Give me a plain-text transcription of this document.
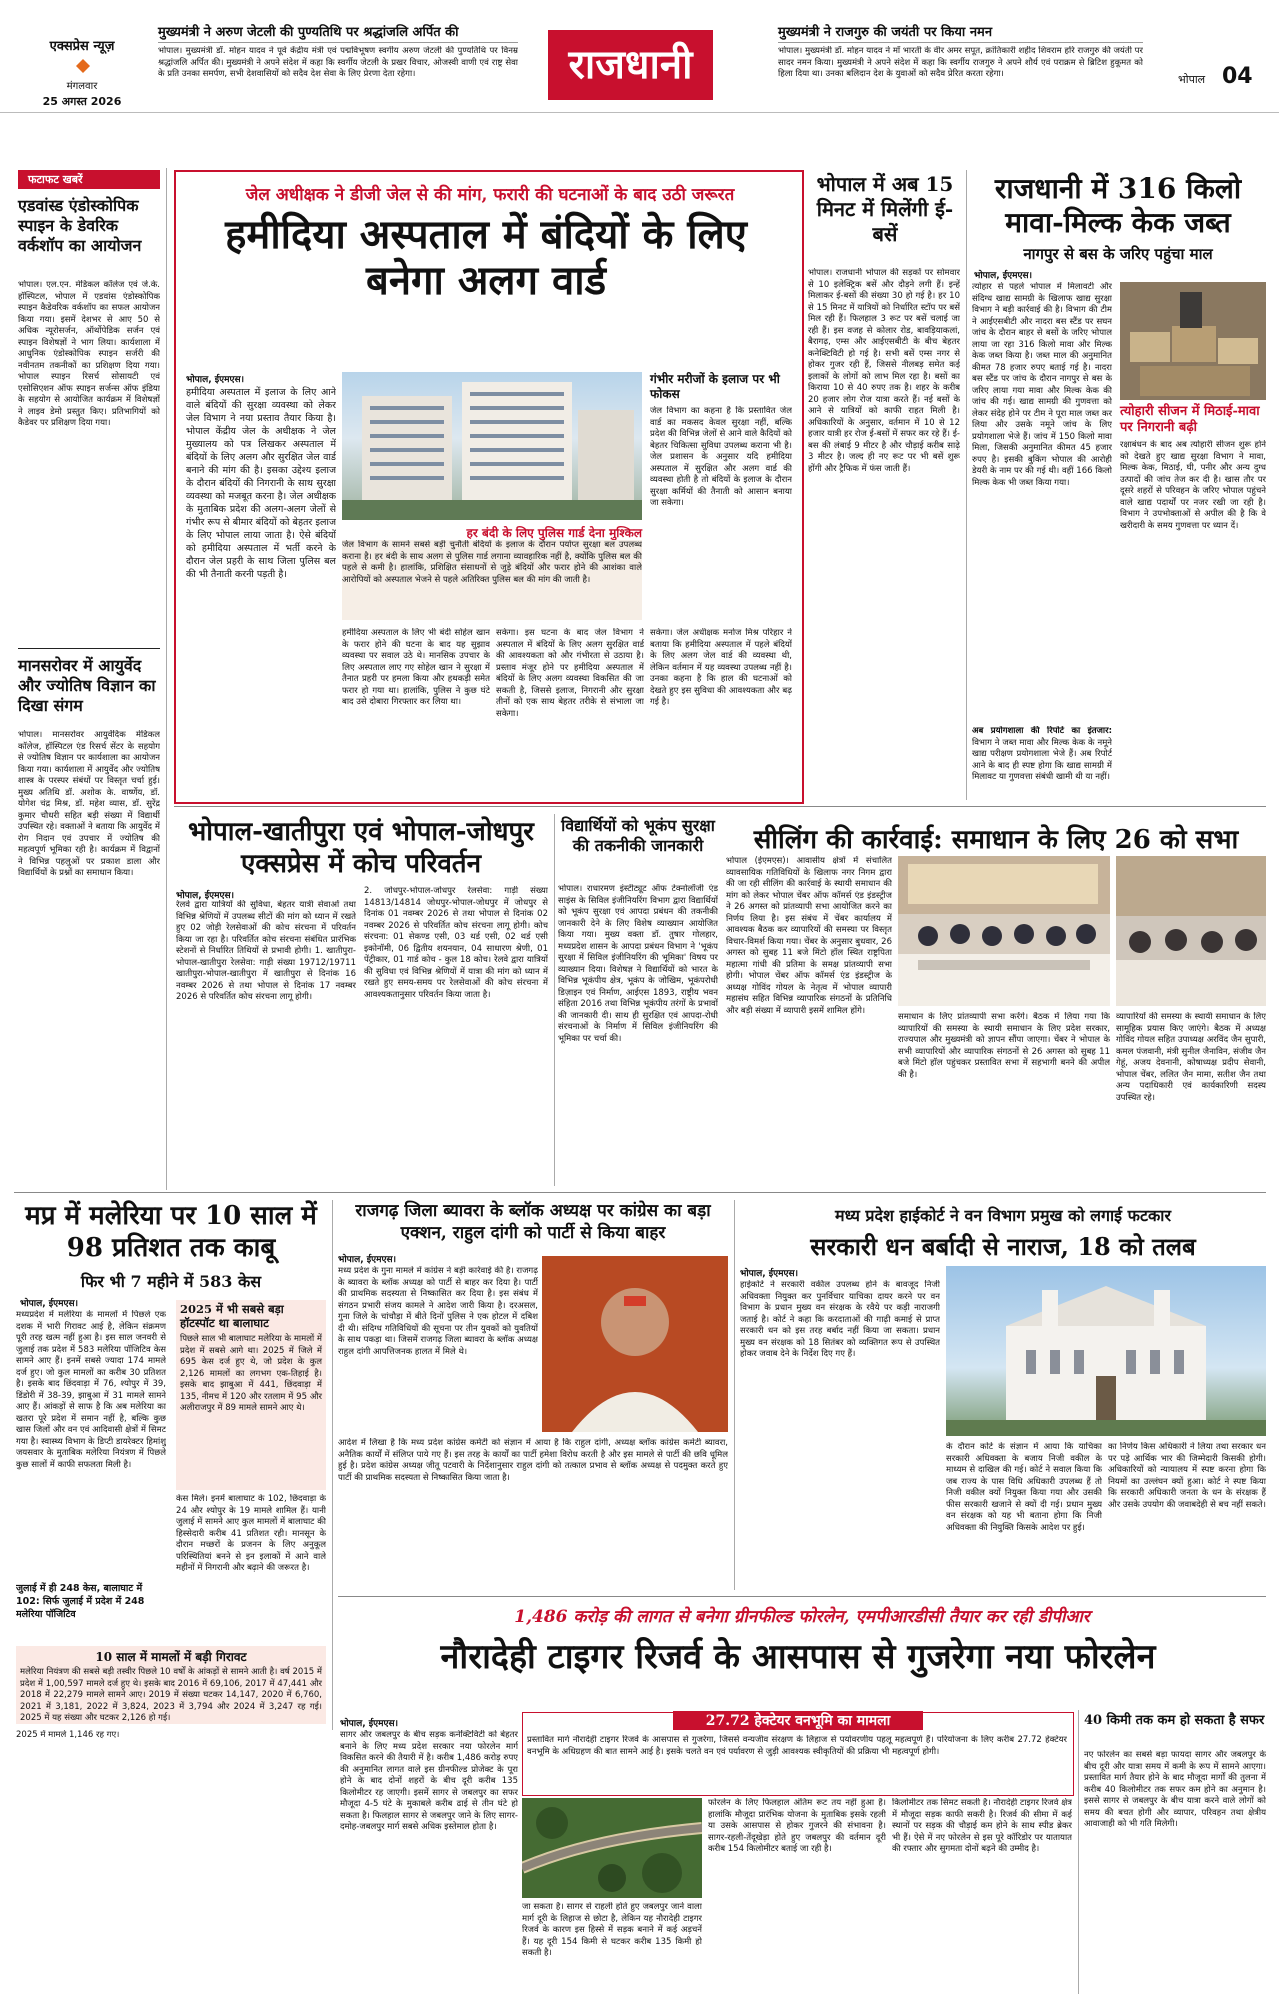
एक्सप्रेस न्यूज़
मंगलवार
25 अगस्त 2026
मुख्यमंत्री ने अरुण जेटली की पुण्यतिथि पर श्रद्धांजलि अर्पित की
भोपाल। मुख्यमंत्री डॉ. मोहन यादव ने पूर्व केंद्रीय मंत्री एवं पद्मविभूषण स्वर्गीय अरुण जेटली की पुण्यतिथि पर विनम्र श्रद्धांजलि अर्पित की। मुख्यमंत्री ने अपने संदेश में कहा कि स्वर्गीय जेटली के प्रखर विचार, ओजस्वी वाणी एवं राष्ट्र सेवा के प्रति उनका समर्पण, सभी देशवासियों को सदैव देश सेवा के लिए प्रेरणा देता रहेगा।	राजधानी
मुख्यमंत्री ने राजगुरु की जयंती पर किया नमन
भोपाल। मुख्यमंत्री डॉ. मोहन यादव ने माँ भारती के वीर अमर सपूत, क्रांतिकारी शहीद शिवराम हरि राजगुरु की जयंती पर सादर नमन किया। मुख्यमंत्री ने अपने संदेश में कहा कि स्वर्गीय राजगुरु ने अपने शौर्य एवं पराक्रम से ब्रिटिश हुकूमत को हिला दिया था। उनका बलिदान देश के युवाओं को सदैव प्रेरित करता रहेगा।	भोपाल 04
फटाफट खबरें
एडवांस्ड एंडोस्कोपिक स्पाइन के डेवरिक वर्कशॉप का आयोजन
भोपाल। एल.एन. मेडिकल कॉलेज एवं जे.के. हॉस्पिटल, भोपाल में एडवांस एंडोस्कोपिक स्पाइन कैडेवरिक वर्कशॉप का सफल आयोजन किया गया। इसमें देशभर से आए 50 से अधिक न्यूरोसर्जन, ऑर्थोपेडिक सर्जन एवं स्पाइन विशेषज्ञों ने भाग लिया। कार्यशाला में आधुनिक एंडोस्कोपिक स्पाइन सर्जरी की नवीनतम तकनीकों का प्रशिक्षण दिया गया। भोपाल स्पाइन रिसर्च सोसायटी एवं एसोसिएशन ऑफ स्पाइन सर्जन्स ऑफ इंडिया के सहयोग से आयोजित कार्यक्रम में विशेषज्ञों ने लाइव डेमो प्रस्तुत किए। प्रतिभागियों को कैडेवर पर प्रशिक्षण दिया गया।
मानसरोवर में आयुर्वेद और ज्योतिष विज्ञान का दिखा संगम
भोपाल। मानसरोवर आयुर्वेदिक मेडिकल कॉलेज, हॉस्पिटल एंड रिसर्च सेंटर के सहयोग से ज्योतिष विज्ञान पर कार्यशाला का आयोजन किया गया। कार्यशाला में आयुर्वेद और ज्योतिष शास्त्र के परस्पर संबंधों पर विस्तृत चर्चा हुई। मुख्य अतिथि डॉ. अशोक के. वार्ष्णेय, डॉ. योगेश चंद्र मिश्र, डॉ. महेश व्यास, डॉ. सुरेंद्र कुमार चौधरी सहित बड़ी संख्या में विद्यार्थी उपस्थित रहे। वक्ताओं ने बताया कि आयुर्वेद में रोग निदान एवं उपचार में ज्योतिष की महत्वपूर्ण भूमिका रही है। कार्यक्रम में विद्वानों ने विभिन्न पहलुओं पर प्रकाश डाला और विद्यार्थियों के प्रश्नों का समाधान किया।
जेल अधीक्षक ने डीजी जेल से की मांग, फरारी की घटनाओं के बाद उठी जरूरत
हमीदिया अस्पताल में बंदियों के लिए बनेगा अलग वार्ड
भोपाल, ईएमएस।
हमीदिया अस्पताल में इलाज के लिए आने वाले बंदियों की सुरक्षा व्यवस्था को लेकर जेल विभाग ने नया प्रस्ताव तैयार किया है। भोपाल केंद्रीय जेल के अधीक्षक ने जेल मुख्यालय को पत्र लिखकर अस्पताल में बंदियों के लिए अलग और सुरक्षित जेल वार्ड बनाने की मांग की है। इसका उद्देश्य इलाज के दौरान बंदियों की निगरानी के साथ सुरक्षा व्यवस्था को मजबूत करना है। जेल अधीक्षक के मुताबिक प्रदेश की अलग-अलग जेलों से गंभीर रूप से बीमार बंदियों को बेहतर इलाज के लिए भोपाल लाया जाता है। ऐसे बंदियों को हमीदिया अस्पताल में भर्ती करने के दौरान जेल प्रहरी के साथ जिला पुलिस बल की भी तैनाती करनी पड़ती है।
हर बंदी के लिए पुलिस गार्ड देना मुश्किल
जेल विभाग के सामने सबसे बड़ी चुनौती बंदियों के इलाज के दौरान पर्याप्त सुरक्षा बल उपलब्ध कराना है। हर बंदी के साथ अलग से पुलिस गार्ड लगाना व्यावहारिक नहीं है, क्योंकि पुलिस बल की पहले से कमी है। हालांकि, प्रशिक्षित संसाधनों से जुड़े बंदियों और फरार होने की आशंका वाले आरोपियों को अस्पताल भेजने से पहले अतिरिक्त पुलिस बल की मांग की जाती है।
गंभीर मरीजों के इलाज पर भी फोकस
जेल विभाग का कहना है कि प्रस्तावित जेल वार्ड का मकसद केवल सुरक्षा नहीं, बल्कि प्रदेश की विभिन्न जेलों से आने वाले कैदियों को बेहतर चिकित्सा सुविधा उपलब्ध कराना भी है। जेल प्रशासन के अनुसार यदि हमीदिया अस्पताल में सुरक्षित और अलग वार्ड की व्यवस्था होती है तो बंदियों के इलाज के दौरान सुरक्षा कर्मियों की तैनाती को आसान बनाया जा सकेगा।
हमीदिया अस्पताल के लिए भी बंदी सोहेल खान के फरार होने की घटना के बाद यह सुझाव व्यवस्था पर सवाल उठे थे। मानसिक उपचार के लिए अस्पताल लाए गए सोहेल खान ने सुरक्षा में तैनात प्रहरी पर हमला किया और हथकड़ी समेत फरार हो गया था। हालांकि, पुलिस ने कुछ घंटे बाद उसे दोबारा गिरफ्तार कर लिया था।
सकेगा। इस घटना के बाद जेल विभाग ने अस्पताल में बंदियों के लिए अलग सुरक्षित वार्ड की आवश्यकता को और गंभीरता से उठाया है। प्रस्ताव मंजूर होने पर हमीदिया अस्पताल में बंदियों के लिए अलग व्यवस्था विकसित की जा सकती है, जिससे इलाज, निगरानी और सुरक्षा तीनों को एक साथ बेहतर तरीके से संभाला जा सकेगा।
सकेगा। जेल अधीक्षक मनोज मिश्र परिहार ने बताया कि हमीदिया अस्पताल में पहले बंदियों के लिए अलग जेल वार्ड की व्यवस्था थी, लेकिन वर्तमान में यह व्यवस्था उपलब्ध नहीं है। उनका कहना है कि हाल की घटनाओं को देखते हुए इस सुविधा की आवश्यकता और बढ़ गई है।
भोपाल में अब 15 मिनट में मिलेंगी ई-बसें
भोपाल। राजधानी भोपाल की सड़कों पर सोमवार से 10 इलेक्ट्रिक बसें और दौड़ने लगी हैं। इन्हें मिलाकर ई-बसों की संख्या 30 हो गई है। हर 10 से 15 मिनट में यात्रियों को निर्धारित स्टॉप पर बसें मिल रही हैं। फिलहाल 3 रूट पर बसें चलाई जा रही हैं। इस वजह से कोलार रोड, बावड़ियाकलां, बैरागढ़, एम्स और आईएसबीटी के बीच बेहतर कनेक्टिविटी हो गई है। सभी बसें एम्स नगर से होकर गुजर रही हैं, जिससे नीलबड़ समेत कई इलाकों के लोगों को लाभ मिल रहा है। बसों का किराया 10 से 40 रुपए तक है। शहर के करीब 20 हजार लोग रोज यात्रा करते हैं। नई बसों के आने से यात्रियों को काफी राहत मिली है। अधिकारियों के अनुसार, वर्तमान में 10 से 12 हजार यात्री हर रोज ई-बसों में सफर कर रहे हैं। ई-बस की लंबाई 9 मीटर है और चौड़ाई करीब साढ़े 3 मीटर है। जल्द ही नए रूट पर भी बसें शुरू होंगी और ट्रैफिक में फंस जाती हैं।
राजधानी में 316 किलो मावा-मिल्क केक जब्त
नागपुर से बस के जरिए पहुंचा माल
भोपाल, ईएमएस।
त्योहार से पहले भोपाल में मिलावटी और संदिग्ध खाद्य सामग्री के खिलाफ खाद्य सुरक्षा विभाग ने बड़ी कार्रवाई की है। विभाग की टीम ने आईएसबीटी और नादरा बस स्टैंड पर सघन जांच के दौरान बाहर से बसों के जरिए भोपाल लाया जा रहा 316 किलो मावा और मिल्क केक जब्त किया है। जब्त माल की अनुमानित कीमत 78 हजार रुपए बताई गई है। नादरा बस स्टैंड पर जांच के दौरान नागपुर से बस के जरिए लाया गया मावा और मिल्क केक की जांच की गई। खाद्य सामग्री की गुणवत्ता को लेकर संदेह होने पर टीम ने पूरा माल जब्त कर लिया और उसके नमूने जांच के लिए प्रयोगशाला भेजे हैं। जांच में 150 किलो मावा मिला, जिसकी अनुमानित कीमत 45 हजार रुपए है। इसकी बुकिंग भोपाल की आरोही डेयरी के नाम पर की गई थी। वहीं 166 किलो मिल्क केक भी जब्त किया गया।
अब प्रयोगशाला की रिपोर्ट का इंतजार: विभाग ने जब्त मावा और मिल्क केक के नमूने खाद्य परीक्षण प्रयोगशाला भेजे हैं। अब रिपोर्ट आने के बाद ही स्पष्ट होगा कि खाद्य सामग्री में मिलावट या गुणवत्ता संबंधी खामी थी या नहीं।
त्योहारी सीजन में मिठाई-मावा पर निगरानी बढ़ी
रक्षाबंधन के बाद अब त्योहारी सीजन शुरू होने को देखते हुए खाद्य सुरक्षा विभाग ने मावा, मिल्क केक, मिठाई, घी, पनीर और अन्य दुग्ध उत्पादों की जांच तेज कर दी है। खास तौर पर दूसरे शहरों से परिवहन के जरिए भोपाल पहुंचने वाले खाद्य पदार्थों पर नजर रखी जा रही है। विभाग ने उपभोक्ताओं से अपील की है कि वे खरीदारी के समय गुणवत्ता पर ध्यान दें।
भोपाल-खातीपुरा एवं भोपाल-जोधपुर एक्सप्रेस में कोच परिवर्तन
भोपाल, ईएमएस।
रेलवे द्वारा यात्रियों की सुविधा, बेहतर यात्री सेवाओं तथा विभिन्न श्रेणियों में उपलब्ध सीटों की मांग को ध्यान में रखते हुए 02 जोड़ी रेलसेवाओं की कोच संरचना में परिवर्तन किया जा रहा है। परिवर्तित कोच संरचना संबंधित प्रारंभिक स्टेशनों से निर्धारित तिथियों से प्रभावी होगी। 1. खातीपुरा-भोपाल-खातीपुरा रेलसेवा: गाड़ी संख्या 19712/19711 खातीपुरा-भोपाल-खातीपुरा में खातीपुरा से दिनांक 16 नवम्बर 2026 से तथा भोपाल से दिनांक 17 नवम्बर 2026 से परिवर्तित कोच संरचना लागू होगी।
2. जोधपुर-भोपाल-जोधपुर रेलसेवा: गाड़ी संख्या 14813/14814 जोधपुर-भोपाल-जोधपुर में जोधपुर से दिनांक 01 नवम्बर 2026 से तथा भोपाल से दिनांक 02 नवम्बर 2026 से परिवर्तित कोच संरचना लागू होगी। कोच संरचना: 01 सेकण्ड एसी, 03 थर्ड एसी, 02 थर्ड एसी इकोनॉमी, 06 द्वितीय शयनयान, 04 साधारण श्रेणी, 01 पेंट्रीकार, 01 गार्ड कोच - कुल 18 कोच। रेलवे द्वारा यात्रियों की सुविधा एवं विभिन्न श्रेणियों में यात्रा की मांग को ध्यान में रखते हुए समय-समय पर रेलसेवाओं की कोच संरचना में आवश्यकतानुसार परिवर्तन किया जाता है।
विद्यार्थियों को भूकंप सुरक्षा की तकनीकी जानकारी
भोपाल। राधारमण इंस्टीट्यूट ऑफ टेक्नोलॉजी एंड साइंस के सिविल इंजीनियरिंग विभाग द्वारा विद्यार्थियों को भूकंप सुरक्षा एवं आपदा प्रबंधन की तकनीकी जानकारी देने के लिए विशेष व्याख्यान आयोजित किया गया। मुख्य वक्ता डॉ. तुषार गोलहार, मध्यप्रदेश शासन के आपदा प्रबंधन विभाग ने 'भूकंप सुरक्षा में सिविल इंजीनियरिंग की भूमिका' विषय पर व्याख्यान दिया। विशेषज्ञ ने विद्यार्थियों को भारत के विभिन्न भूकंपीय क्षेत्र, भूकंप के जोखिम, भूकंपरोधी डिज़ाइन एवं निर्माण, आईएस 1893, राष्ट्रीय भवन संहिता 2016 तथा विभिन्न भूकंपीय तरंगों के प्रभावों की जानकारी दी। साथ ही सुरक्षित एवं आपदा-रोधी संरचनाओं के निर्माण में सिविल इंजीनियरिंग की भूमिका पर चर्चा की।
सीलिंग की कार्रवाई: समाधान के लिए 26 को सभा
भोपाल (ईएमएस)। आवासीय क्षेत्रों में संचालित व्यावसायिक गतिविधियों के खिलाफ नगर निगम द्वारा की जा रही सीलिंग की कार्रवाई के स्थायी समाधान की मांग को लेकर भोपाल चेंबर ऑफ कॉमर्स एंड इंडस्ट्रीज ने 26 अगस्त को प्रांतव्यापी सभा आयोजित करने का निर्णय लिया है। इस संबंध में चेंबर कार्यालय में आवश्यक बैठक कर व्यापारियों की समस्या पर विस्तृत विचार-विमर्श किया गया। चेंबर के अनुसार बुधवार, 26 अगस्त को सुबह 11 बजे मिंटो हॉल स्थित राष्ट्रपिता महात्मा गांधी की प्रतिमा के समक्ष प्रांतव्यापी सभा होगी। भोपाल चेंबर ऑफ कॉमर्स एंड इंडस्ट्रीज के अध्यक्ष गोविंद गोयल के नेतृत्व में भोपाल व्यापारी महासंघ सहित विभिन्न व्यापारिक संगठनों के प्रतिनिधि और बड़ी संख्या में व्यापारी इसमें शामिल होंगे।
समाधान के लिए प्रांतव्यापी सभा करेंगे। बैठक में लिया गया कि व्यापारियों की समस्या के स्थायी समाधान के लिए प्रदेश सरकार, राज्यपाल और मुख्यमंत्री को ज्ञापन सौंपा जाएगा। चेंबर ने भोपाल के सभी व्यापारियों और व्यापारिक संगठनों से 26 अगस्त को सुबह 11 बजे मिंटो हॉल पहुंचकर प्रस्तावित सभा में सहभागी बनने की अपील की है।
व्यापारियों की समस्या के स्थायी समाधान के लिए सामूहिक प्रयास किए जाएंगे। बैठक में अध्यक्ष गोविंद गोयल सहित उपाध्यक्ष अरविंद जैन सुपारी, कमल पंजवानी, मंत्री सुनील जैनाविन, संजीव जैन गेहूं, अजय देवनानी, कोषाध्यक्ष प्रदीप सेवानी, भोपाल चेंबर, ललित जैन मामा, सतीश जैन तथा अन्य पदाधिकारी एवं कार्यकारिणी सदस्य उपस्थित रहे।
मप्र में मलेरिया पर 10 साल में 98 प्रतिशत तक काबू
फिर भी 7 महीने में 583 केस
भोपाल, ईएमएस।
मध्यप्रदेश में मलेरिया के मामलों में पिछले एक दशक में भारी गिरावट आई है, लेकिन संक्रमण पूरी तरह खत्म नहीं हुआ है। इस साल जनवरी से जुलाई तक प्रदेश में 583 मलेरिया पॉजिटिव केस सामने आए हैं। इनमें सबसे ज्यादा 174 मामले दर्ज हुए। जो कुल मामलों का करीब 30 प्रतिशत है। इसके बाद छिंदवाड़ा में 76, श्योपुर में 39, डिंडोरी में 38-39, झाबुआ में 31 मामले सामने आए हैं। आंकड़ों से साफ है कि अब मलेरिया का खतरा पूरे प्रदेश में समान नहीं है, बल्कि कुछ खास जिलों और वन एवं आदिवासी क्षेत्रों में सिमट गया है। स्वास्थ्य विभाग के डिप्टी डायरेक्टर हिमांशु जयसवार के मुताबिक मलेरिया नियंत्रण में पिछले कुछ सालों में काफी सफलता मिली है।
जुलाई में ही 248 केस, बालाघाट में 102: सिर्फ जुलाई में प्रदेश में 248 मलेरिया पॉजिटिव
2025 में भी सबसे बड़ा हॉटस्पॉट था बालाघाट
पिछले साल भी बालाघाट मलेरिया के मामलों में प्रदेश में सबसे आगे था। 2025 में जिले में 695 केस दर्ज हुए थे, जो प्रदेश के कुल 2,126 मामलों का लगभग एक-तिहाई है। इसके बाद झाबुआ में 441, छिंदवाड़ा में 135, नीमच में 120 और रतलाम में 95 और अलीराजपुर में 89 मामले सामने आए थे।
केस मिले। इनमें बालाघाट के 102, छिंदवाड़ा के 24 और श्योपुर के 19 मामले शामिल हैं। यानी जुलाई में सामने आए कुल मामलों में बालाघाट की हिस्सेदारी करीब 41 प्रतिशत रही। मानसून के दौरान मच्छरों के प्रजनन के लिए अनुकूल परिस्थितियां बनने से इन इलाकों में आने वाले महीनों में निगरानी और बढ़ाने की जरूरत है।
10 साल में मामलों में बड़ी गिरावट
मलेरिया नियंत्रण की सबसे बड़ी तस्वीर पिछले 10 वर्षों के आंकड़ों से सामने आती है। वर्ष 2015 में प्रदेश में 1,00,597 मामले दर्ज हुए थे। इसके बाद 2016 में 69,106, 2017 में 47,441 और 2018 में 22,279 मामले सामने आए। 2019 में संख्या घटकर 14,147, 2020 में 6,760, 2021 में 3,181, 2022 में 3,824, 2023 में 3,794 और 2024 में 3,247 रह गई। 2025 में यह संख्या और घटकर 2,126 हो गई।
राजगढ़ जिला ब्यावरा के ब्लॉक अध्यक्ष पर कांग्रेस का बड़ा एक्शन, राहुल दांगी को पार्टी से किया बाहर
भोपाल, ईएमएस।
मध्य प्रदेश के गुना मामले में कांग्रेस ने बड़ी कार्रवाई की है। राजगढ़ के ब्यावरा के ब्लॉक अध्यक्ष को पार्टी से बाहर कर दिया है। पार्टी की प्राथमिक सदस्यता से निष्कासित कर दिया है। इस संबंध में संगठन प्रभारी संजय कामले ने आदेश जारी किया है। दरअसल, गुना जिले के चांचौड़ा में बीते दिनों पुलिस ने एक होटल में दबिश दी थी। संदिग्ध गतिविधियों की सूचना पर तीन युवकों को युवतियों के साथ पकड़ा था। जिसमें राजगढ़ जिला ब्यावरा के ब्लॉक अध्यक्ष राहुल दांगी आपत्तिजनक हालत में मिले थे।
आदेश में लिखा है कि मध्य प्रदेश कांग्रेस कमेटी को संज्ञान में आया है कि राहुल दांगी, अध्यक्ष ब्लॉक कांग्रेस कमेटी ब्यावरा, अनैतिक कार्यों में संलिप्त पाये गए हैं। इस तरह के कार्यों का पार्टी हमेशा विरोध करती है और इस मामले से पार्टी की छवि धूमिल हुई है। प्रदेश कांग्रेस अध्यक्ष जीतू पटवारी के निर्देशानुसार राहुल दांगी को तत्काल प्रभाव से ब्लॉक अध्यक्ष से पदमुक्त करते हुए पार्टी की प्राथमिक सदस्यता से निष्कासित किया जाता है।
मध्य प्रदेश हाईकोर्ट ने वन विभाग प्रमुख को लगाई फटकार
सरकारी धन बर्बादी से नाराज, 18 को तलब
भोपाल, ईएमएस।
हाईकोर्ट ने सरकारी वकील उपलब्ध होने के बावजूद निजी अधिवक्ता नियुक्त कर पुनर्विचार याचिका दायर करने पर वन विभाग के प्रधान मुख्य वन संरक्षक के रवैये पर कड़ी नाराजगी जताई है। कोर्ट ने कहा कि करदाताओं की गाढ़ी कमाई से प्राप्त सरकारी धन को इस तरह बर्बाद नहीं किया जा सकता। प्रधान मुख्य वन संरक्षक को 18 सितंबर को व्यक्तिगत रूप से उपस्थित होकर जवाब देने के निर्देश दिए गए हैं।
के दौरान कोर्ट के संज्ञान में आया कि याचिका सरकारी अधिवक्ता के बजाय निजी वकील के माध्यम से दाखिल की गई। कोर्ट ने सवाल किया कि जब राज्य के पास विधि अधिकारी उपलब्ध हैं तो निजी वकील क्यों नियुक्त किया गया और उसकी फीस सरकारी खजाने से क्यों दी गई। प्रधान मुख्य वन संरक्षक को यह भी बताना होगा कि निजी अधिवक्ता की नियुक्ति किसके आदेश पर हुई।
का निर्णय किस अधिकारी ने लिया तथा सरकार धन पर पड़े आर्थिक भार की जिम्मेदारी किसकी होगी। अधिकारियों को न्यायालय में स्पष्ट करना होगा कि नियमों का उल्लंघन क्यों हुआ। कोर्ट ने स्पष्ट किया कि सरकारी अधिकारी जनता के धन के संरक्षक हैं और उसके उपयोग की जवाबदेही से बच नहीं सकते।
1,486 करोड़ की लागत से बनेगा ग्रीनफील्ड फोरलेन, एमपीआरडीसी तैयार कर रही डीपीआर
नौरादेही टाइगर रिजर्व के आसपास से गुजरेगा नया फोरलेन
भोपाल, ईएमएस।
सागर और जबलपुर के बीच सड़क कनेक्टिविटी को बेहतर बनाने के लिए मध्य प्रदेश सरकार नया फोरलेन मार्ग विकसित करने की तैयारी में है। करीब 1,486 करोड़ रुपए की अनुमानित लागत वाले इस ग्रीनफील्ड प्रोजेक्ट के पूरा होने के बाद दोनों शहरों के बीच दूरी करीब 135 किलोमीटर रह जाएगी। इसमें सागर से जबलपुर का सफर मौजूदा 4-5 घंटे के मुकाबले करीब ढाई से तीन घंटे हो सकता है। फिलहाल सागर से जबलपुर जाने के लिए सागर-दमोह-जबलपुर मार्ग सबसे अधिक इस्तेमाल होता है।
27.72 हेक्टेयर वनभूमि का मामला
प्रस्तावित मार्ग नौरादेही टाइगर रिजर्व के आसपास से गुजरेगा, जिससे वन्यजीव संरक्षण के लिहाज से पर्यावरणीय पहलू महत्वपूर्ण हैं। परियोजना के लिए करीब 27.72 हेक्टेयर वनभूमि के अधिग्रहण की बात सामने आई है। इसके चलते वन एवं पर्यावरण से जुड़ी आवश्यक स्वीकृतियों की प्रक्रिया भी महत्वपूर्ण होगी।
जा सकता है। सागर से राहली होते हुए जबलपुर जाने वाला मार्ग दूरी के लिहाज से छोटा है, लेकिन यह नौरादेही टाइगर रिजर्व के कारण इस हिस्से में सड़क बनाने में कई अड़चनें हैं। यह दूरी 154 किमी से घटकर करीब 135 किमी हो सकती है।
फोरलेन के लिए फिलहाल अंतिम रूट तय नहीं हुआ है। हालांकि मौजूदा प्रारंभिक योजना के मुताबिक इसके रहली या उसके आसपास से होकर गुजरने की संभावना है। सागर-रहली-तेंदूखेड़ा होते हुए जबलपुर की वर्तमान दूरी करीब 154 किलोमीटर बताई जा रही है।
किलोमीटर तक सिमट सकती है। नौरादेही टाइगर रिजर्व क्षेत्र में मौजूदा सड़क काफी सकरी है। रिजर्व की सीमा में कई स्थानों पर सड़क की चौड़ाई कम होने के साथ स्पीड ब्रेकर भी हैं। ऐसे में नए फोरलेन से इस पूरे कॉरिडोर पर यातायात की रफ्तार और सुगमता दोनों बढ़ने की उम्मीद है।
40 किमी तक कम हो सकता है सफर
नए फोरलेन का सबसे बड़ा फायदा सागर और जबलपुर के बीच दूरी और यात्रा समय में कमी के रूप में सामने आएगा। प्रस्तावित मार्ग तैयार होने के बाद मौजूदा मार्गों की तुलना में करीब 40 किलोमीटर तक सफर कम होने का अनुमान है। इससे सागर से जबलपुर के बीच यात्रा करने वाले लोगों को समय की बचत होगी और व्यापार, परिवहन तथा क्षेत्रीय आवाजाही को भी गति मिलेगी।
2025 में मामले 1,146 रह गए।
